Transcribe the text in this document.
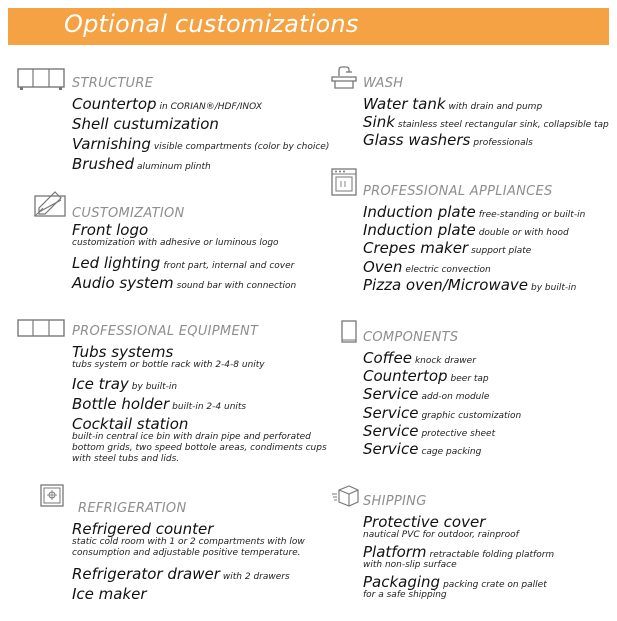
Optional customizations
STRUCTURE
Countertop in CORIAN®/HDF/INOX
Shell custumization
Varnishing visible compartments (color by choice)
Brushed aluminum plinth
CUSTOMIZATION
Front logo
customization with adhesive or luminous logo
Led lighting front part, internal and cover
Audio system sound bar with connection
PROFESSIONAL EQUIPMENT
Tubs systems
tubs system or bottle rack with 2-4-8 unity
Ice tray by built-in
Bottle holder built-in 2-4 units
Cocktail station
built-in central ice bin with drain pipe and perforated
bottom grids, two speed bottole areas, condiments cups
with steel tubs and lids.
REFRIGERATION
Refrigered counter
static cold room with 1 or 2 compartments with low
consumption and adjustable positive temperature.
Refrigerator drawer with 2 drawers
Ice maker
WASH
Water tank with drain and pump
Sink stainless steel rectangular sink, collapsible tap
Glass washers professionals
PROFESSIONAL APPLIANCES
Induction plate free-standing or built-in
Induction plate double or with hood
Crepes maker support plate
Oven electric convection
Pizza oven/Microwave by built-in
COMPONENTS
Coffee knock drawer
Countertop beer tap
Service add-on module
Service graphic customization
Service protective sheet
Service cage packing
SHIPPING
Protective cover
nautical PVC for outdoor, rainproof
Platform retractable folding platform
with non-slip surface
Packaging packing crate on pallet
for a safe shipping
